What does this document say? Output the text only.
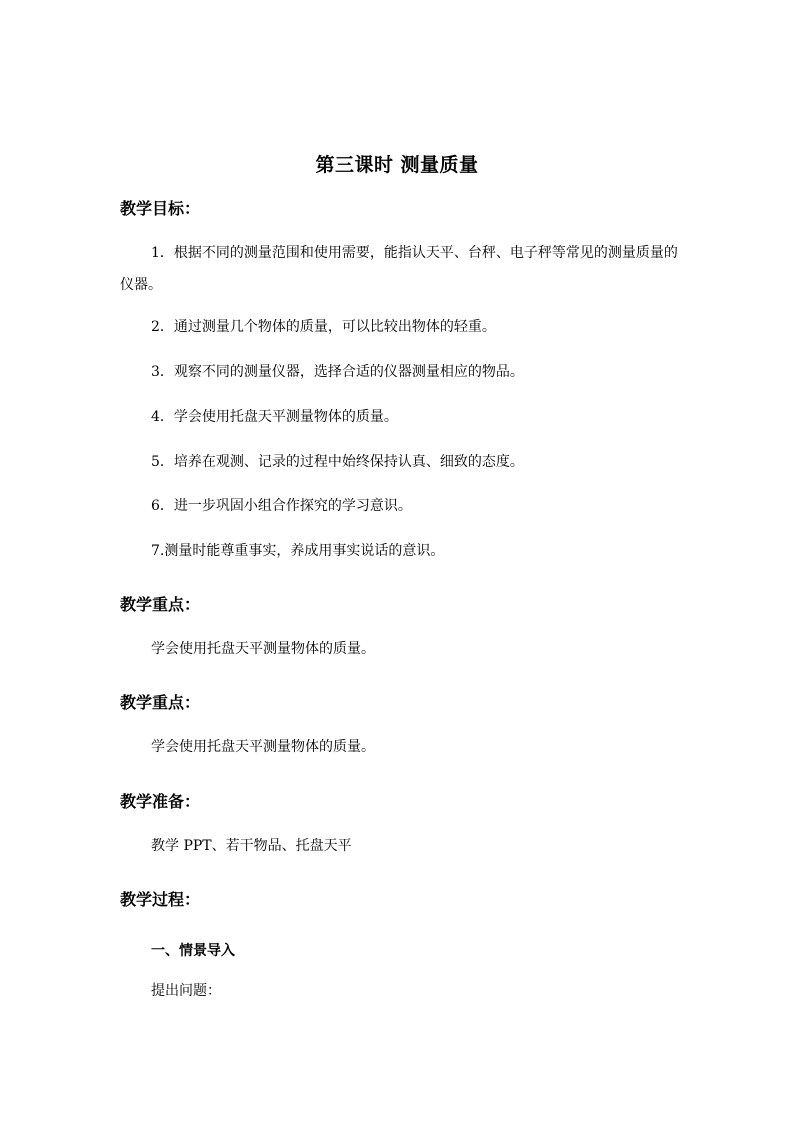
第三课时 测量质量
教学目标：
1．根据不同的测量范围和使用需要，能指认天平、台秤、电子秤等常见的测量质量的仪器。
2．通过测量几个物体的质量，可以比较出物体的轻重。
3．观察不同的测量仪器，选择合适的仪器测量相应的物品。
4．学会使用托盘天平测量物体的质量。
5．培养在观测、记录的过程中始终保持认真、细致的态度。
6．进一步巩固小组合作探究的学习意识。
7.测量时能尊重事实，养成用事实说话的意识。
教学重点：
学会使用托盘天平测量物体的质量。
教学重点：
学会使用托盘天平测量物体的质量。
教学准备：
教学 PPT、若干物品、托盘天平
教学过程：
一、情景导入
提出问题：
